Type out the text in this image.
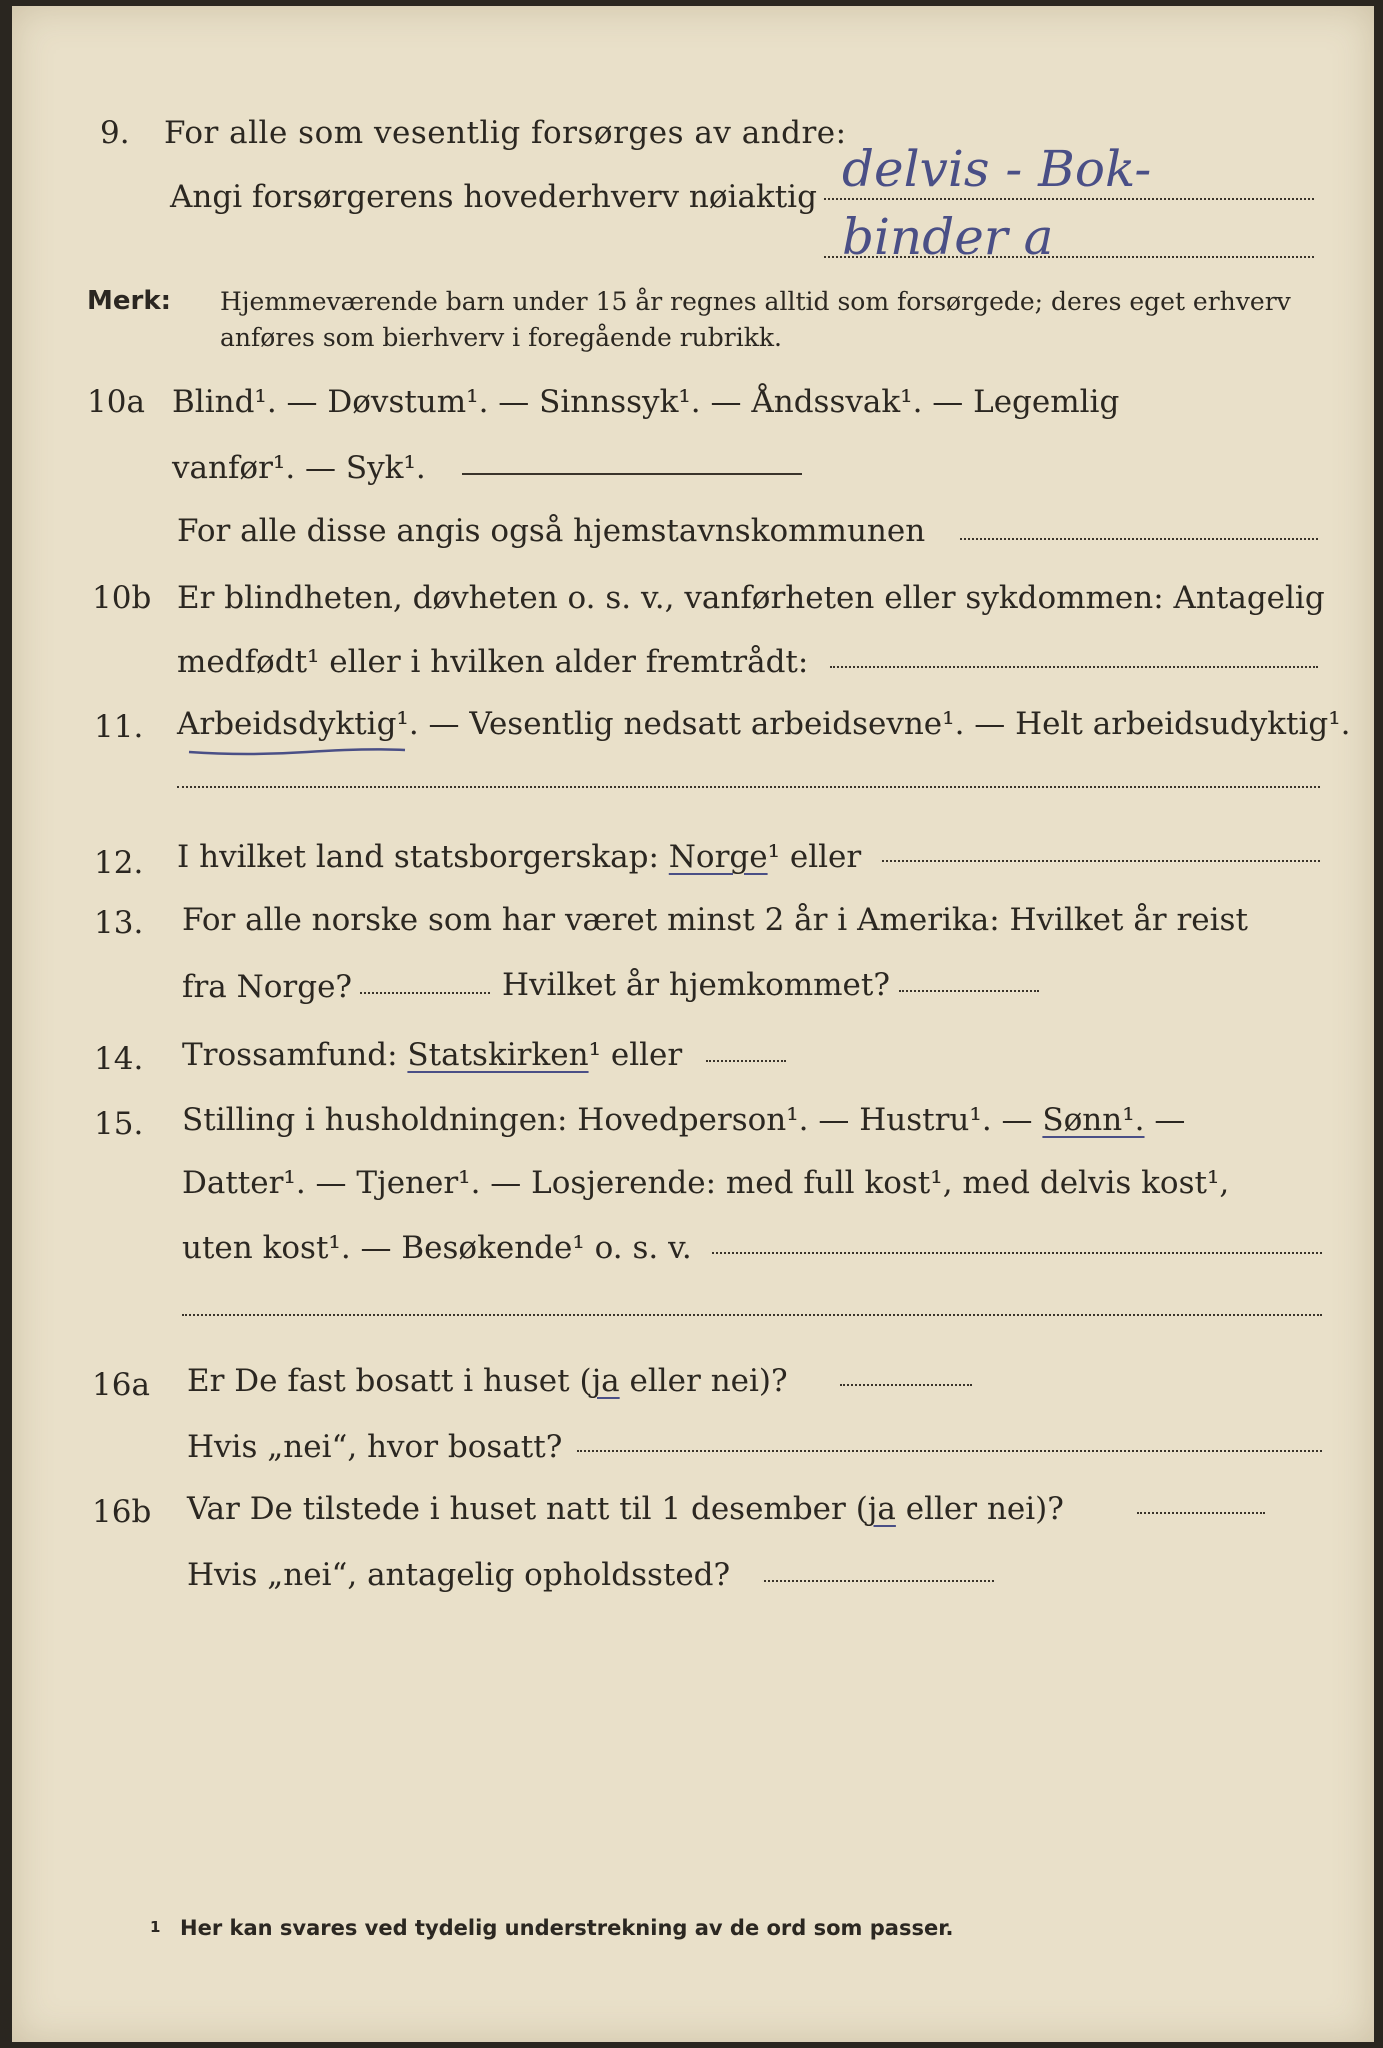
9. For alle som vesentlig forsørges av andre:
Angi forsørgerens hovederhverv nøiaktig delvis - Bok-
binder a
Merk: Hjemmeværende barn under 15 år regnes alltid som forsørgede; deres eget erhverv
anføres som bierhverv i foregående rubrikk.
10a Blind¹. — Døvstum¹. — Sinnssyk¹. — Åndssvak¹. — Legemlig
vanfør¹. — Syk¹.
For alle disse angis også hjemstavnskommunen
10b Er blindheten, døvheten o. s. v., vanførheten eller sykdommen: Antagelig
medfødt¹ eller i hvilken alder fremtrådt:
11. Arbeidsdyktig¹. — Vesentlig nedsatt arbeidsevne¹. — Helt arbeidsudyktig¹.
12. I hvilket land statsborgerskap: Norge¹ eller
13. For alle norske som har været minst 2 år i Amerika: Hvilket år reist
fra Norge?	Hvilket år hjemkommet?
14. Trossamfund: Statskirken¹ eller
15. Stilling i husholdningen: Hovedperson¹. — Hustru¹. — Sønn¹. —
Datter¹. — Tjener¹. — Losjerende: med full kost¹, med delvis kost¹,
uten kost¹. — Besøkende¹ o. s. v.
16a Er De fast bosatt i huset (ja eller nei)?
Hvis „nei“, hvor bosatt?
16b Var De tilstede i huset natt til 1 desember (ja eller nei)?
Hvis „nei“, antagelig opholdssted?
1 Her kan svares ved tydelig understrekning av de ord som passer.
